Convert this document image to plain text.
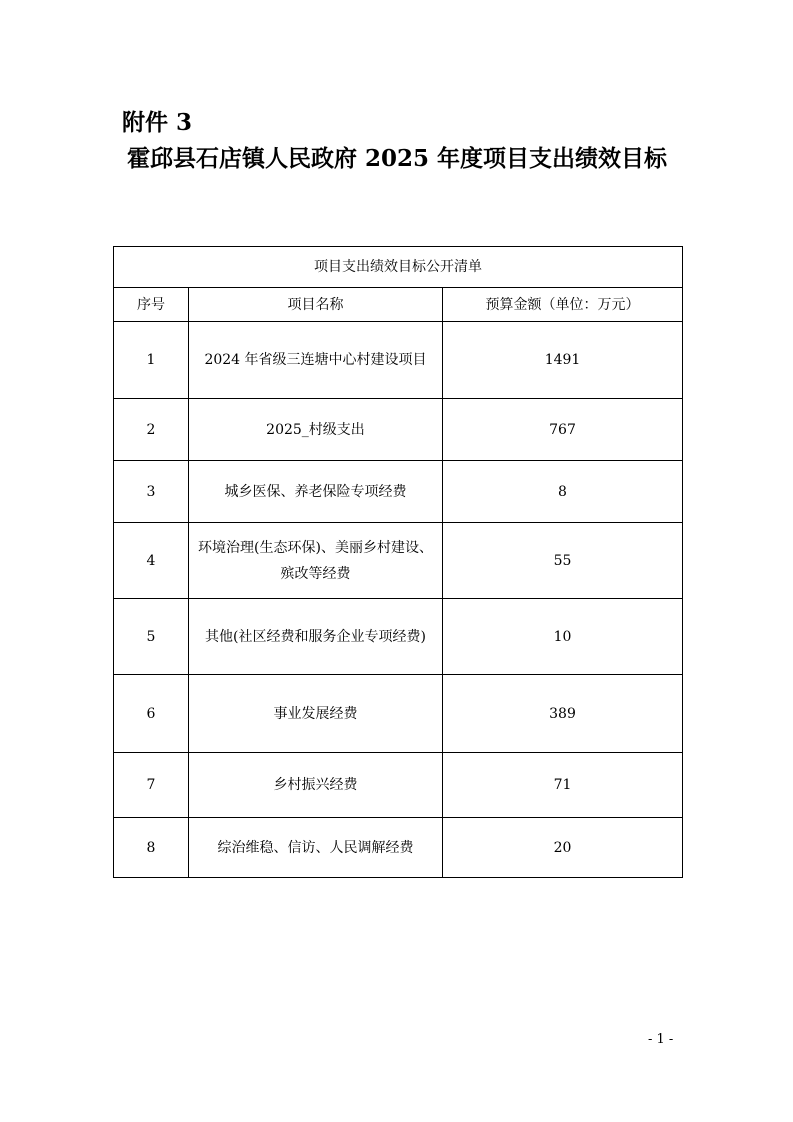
附件 3
霍邱县石店镇人民政府 2025 年度项目支出绩效目标
项目支出绩效目标公开清单		
序号	项目名称	预算金额（单位：万元）
1	2024 年省级三连塘中心村建设项目	1491
2	2025_村级支出	767
3	城乡医保、养老保险专项经费	8
4	环境治理(生态环保)、美丽乡村建设、殡改等经费	55
5	其他(社区经费和服务企业专项经费)	10
6	事业发展经费	389
7	乡村振兴经费	71
8	综治维稳、信访、人民调解经费	20
- 1 -
